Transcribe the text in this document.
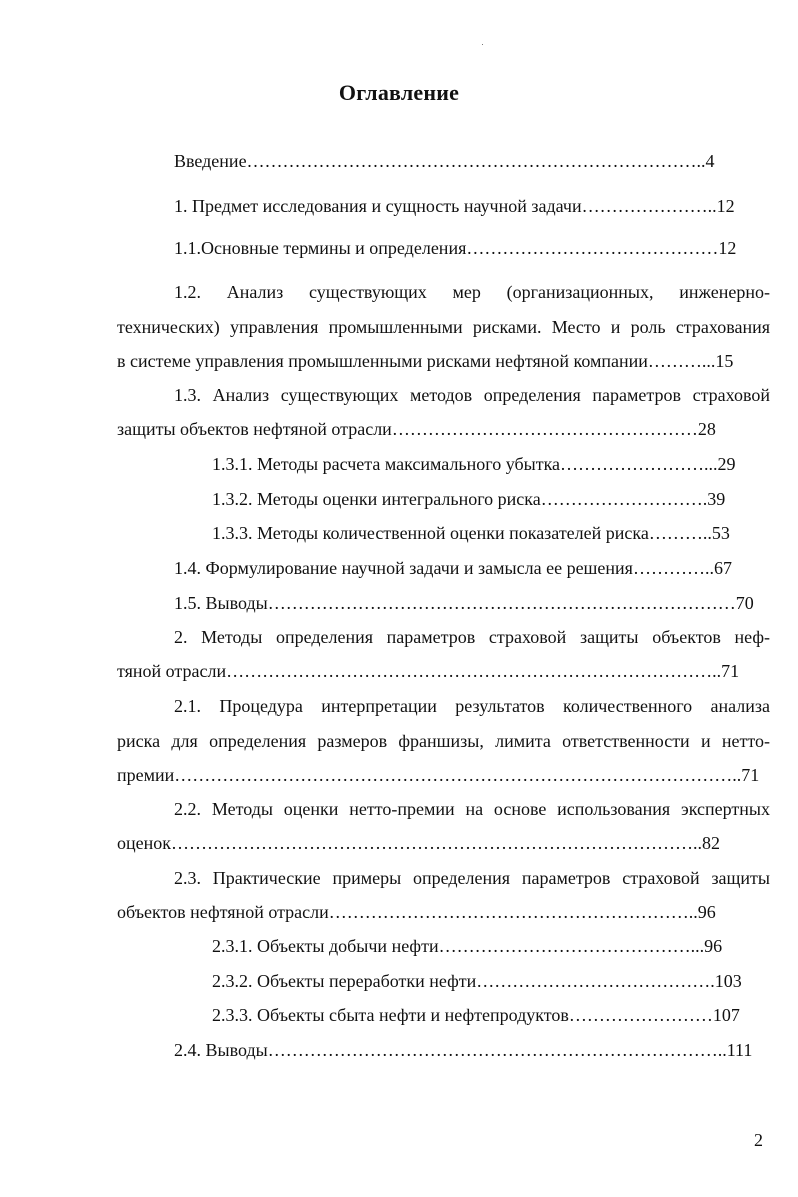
Оглавление
Введение…………………………………………………………………..4
1. Предмет исследования и сущность научной задачи…………………..12
1.1.Основные термины и определения……………………………………12
1.2. Анализ существующих мер (организационных, инженерно-
технических) управления промышленными рисками. Место и роль страхования
в системе управления промышленными рисками нефтяной компании………...15
1.3. Анализ существующих методов определения параметров страховой
защиты объектов нефтяной отрасли……………………………………………28
1.3.1. Методы расчета максимального убытка……………………...29
1.3.2. Методы оценки интегрального риска……………………….39
1.3.3. Методы количественной оценки показателей риска………..53
1.4. Формулирование научной задачи и замысла ее решения…………..67
1.5. Выводы……………………………………………………………………70
2. Методы определения параметров страховой защиты объектов неф-
тяной отрасли………………………………………………………………………..71
2.1. Процедура интерпретации результатов количественного анализа
риска для определения размеров франшизы, лимита ответственности и нетто-
премии…………………………………………………………………………………..71
2.2. Методы оценки нетто-премии на основе использования экспертных
оценок……………………………………………………………………………..82
2.3. Практические примеры определения параметров страховой защиты
объектов нефтяной отрасли……………………………………………………..96
2.3.1. Объекты добычи нефти……………………………………...96
2.3.2. Объекты переработки нефти………………………………….103
2.3.3. Объекты сбыта нефти и нефтепродуктов……………………107
2.4. Выводы…………………………………………………………………..111
2
